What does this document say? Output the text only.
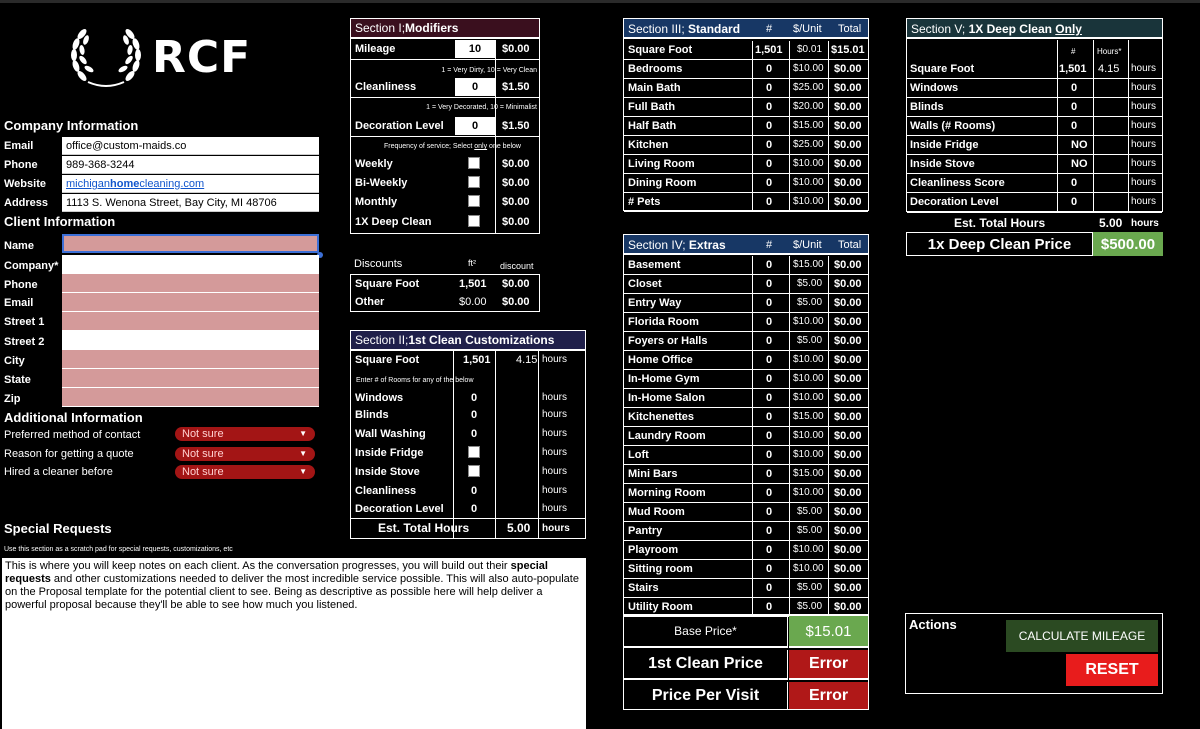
RCF
Company Information
Email	office@custom-maids.co
Phone	989-368-3244
Website	michiganhomecleaning.com
Address	1113 S. Wenona Street, Bay City, MI 48706
Client Information
Name
Company*
Phone
Email
Street 1
Street 2
City
State
Zip
Additional Information
Preferred method of contact	Not sure	▼
Reason for getting a quote	Not sure	▼
Hired a cleaner before	Not sure	▼
Special Requests
Use this section as a scratch pad for special requests, customizations, etc
This is where you will keep notes on each client. As the conversation progresses, you will build out their special requests and other customizations needed to deliver the most incredible service possible. This will also auto-populate on the Proposal template for the potential client to see. Being as descriptive as possible here will help deliver a powerful proposal because they'll be able to see how much you listened.
Section I; Modifiers
Mileage	10	$0.00
1 = Very Dirty, 10 = Very Clean
Cleanliness	0	$1.50
1 = Very Decorated, 10 = Minimalist
Decoration Level	0	$1.50
Frequency of service; Select only one below
Weekly	$0.00
Bi-Weekly	$0.00
Monthly	$0.00
1X Deep Clean	$0.00
Discounts	ft²	discount
Square Foot	1,501 $0.00
Other	$0.00 $0.00
Section II; 1st Clean Customizations
Square Foot	1,501 4.15 hours
Enter # of Rooms for any of the below
Windows	0	hours
Blinds	0	hours
Wall Washing	0	hours
Inside Fridge	hours
Inside Stove	hours
Cleanliness	0	hours
Decoration Level 0	hours
Est. Total Hours	5.00 hours
Section III; Standard # $/Unit Total
Square Foot	1,501 $0.01 $15.01
Bedrooms	0 $10.00 $0.00
Main Bath	0 $25.00 $0.00
Full Bath	0 $20.00 $0.00
Half Bath	0 $15.00 $0.00
Kitchen	0 $25.00 $0.00
Living Room	0 $10.00 $0.00
Dining Room	0 $10.00 $0.00
# Pets	0 $10.00 $0.00
Section IV; Extras	# $/Unit Total
Basement	0 $15.00 $0.00
Closet	0 $5.00 $0.00
Entry Way	0 $5.00 $0.00
Florida Room	0 $10.00 $0.00
Foyers or Halls	0 $5.00 $0.00
Home Office	0 $10.00 $0.00
In-Home Gym	0 $10.00 $0.00
In-Home Salon	0 $10.00 $0.00
Kitchenettes	0 $15.00 $0.00
Laundry Room	0 $10.00 $0.00
Loft	0 $10.00 $0.00
Mini Bars	0 $15.00 $0.00
Morning Room	0 $10.00 $0.00
Mud Room	0 $5.00 $0.00
Pantry	0 $5.00 $0.00
Playroom	0 $10.00 $0.00
Sitting room	0 $10.00 $0.00
Stairs	0 $5.00 $0.00
Utility Room	0 $5.00 $0.00
Base Price*	$15.01
1st Clean Price	Error
Price Per Visit	Error
Section V; 1X Deep Clean Only
#	Hours*
Square Foot	1,501 4.15 hours
Windows	0	hours
Blinds	0	hours
Walls (# Rooms)	0	hours
Inside Fridge	NO	hours
Inside Stove	NO	hours
Cleanliness Score	0	hours
Decoration Level	0	hours
Est. Total Hours	5.00 hours
1x Deep Clean Price	$500.00
Actions
CALCULATE MILEAGE
RESET
